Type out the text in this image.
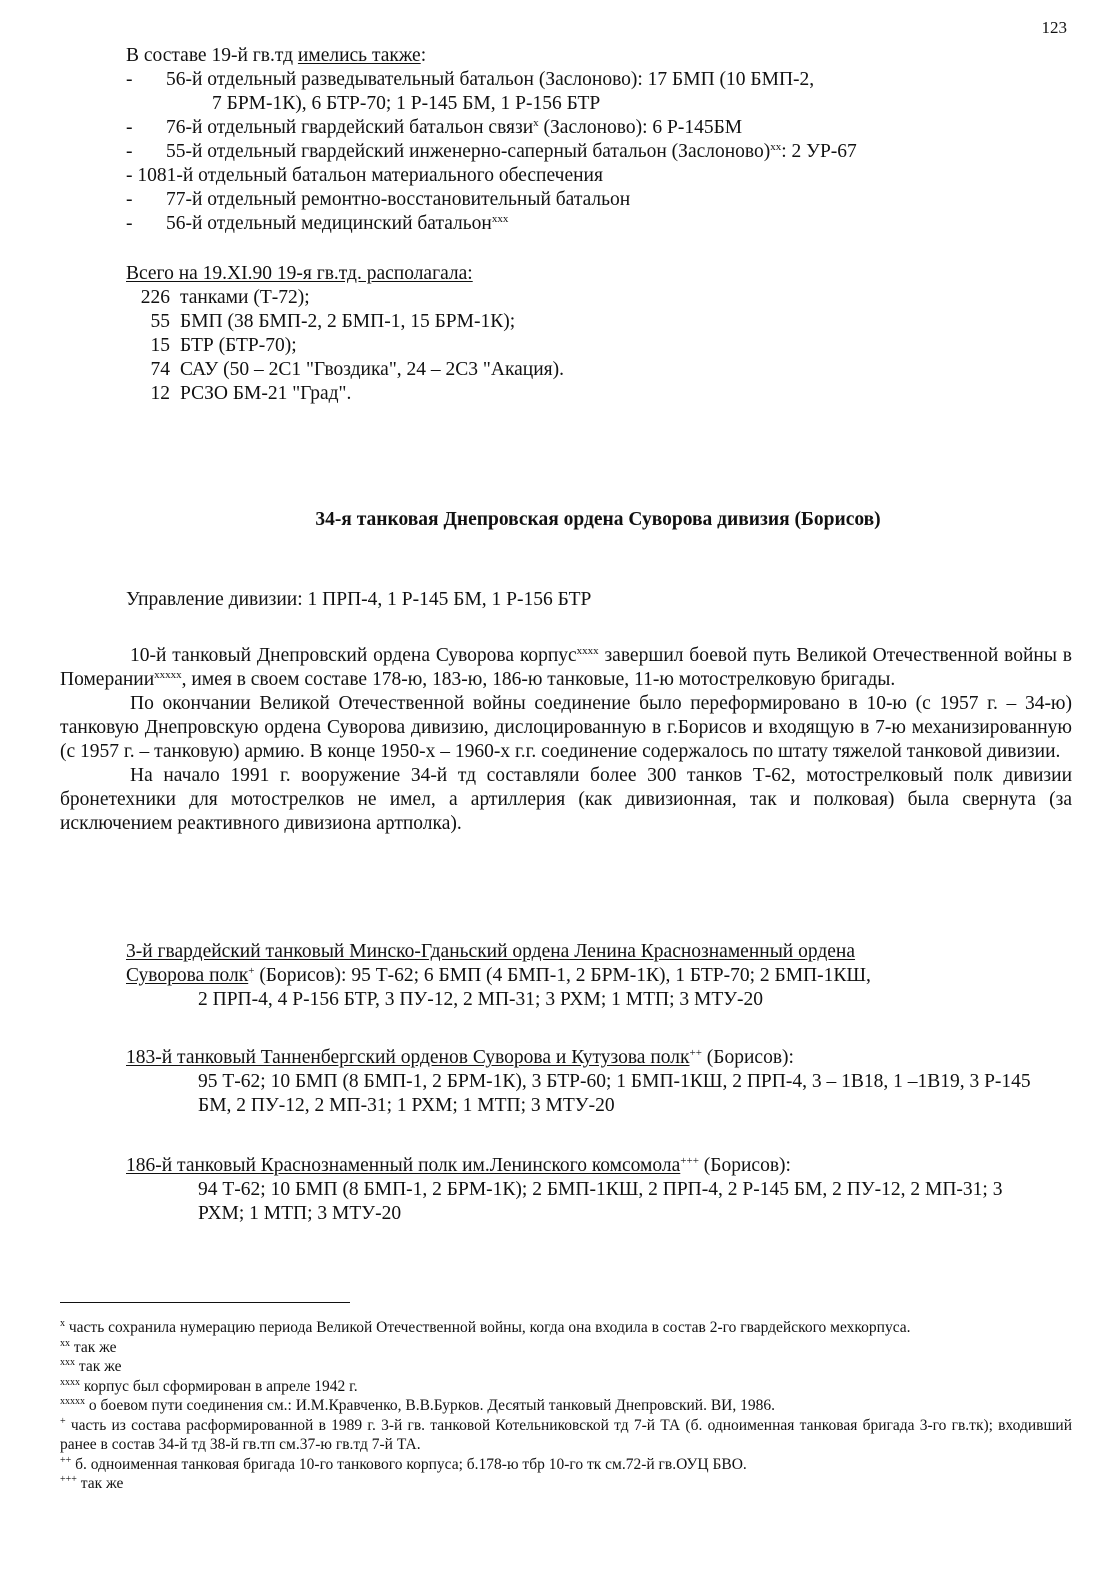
123

В составе 19-й гв.тд имелись также:

- 56-й отдельный разведывательный батальон (Заслоново): 17 БМП (10 БМП-2,
7 БРМ-1К), 6 БТР-70; 1 Р-145 БМ, 1 Р-156 БТР
- 76-й отдельный гвардейский батальон связи$^x$ (Заслоново): 6 Р-145БМ
- 55-й отдельный гвардейский инженерно-саперный батальон (Заслоново)$^{xx}$: 2 УР-67
- 1081-й отдельный батальон материального обеспечения
- 77-й отдельный ремонтно-восстановительный батальон
- 56-й отдельный медицинский батальон$^{xxx}$

Всего на 19.XI.90 19-я гв.тд. располагала:

226 танками (Т-72);
55 БМП (38 БМП-2, 2 БМП-1, 15 БРМ-1К);
15 БТР (БТР-70);
74 САУ (50 – 2С1 "Гвоздика", 24 – 2С3 "Акация).
12 РСЗО БМ-21 "Град".
34-я танковая Днепровская ордена Суворова дивизия (Борисов)
Управление дивизии: 1 ПРП-4, 1 Р-145 БМ, 1 Р-156 БТР

10-й танковый Днепровский ордена Суворова корпус$^{xxxx}$ завершил боевой путь Великой Отечественной войны в Померании$^{xxxxx}$, имея в своем составе 178-ю, 183-ю, 186-ю танковые, 11-ю мотострелковую бригады.

По окончании Великой Отечественной войны соединение было переформировано в 10-ю (с 1957 г. – 34-ю) танковую Днепровскую ордена Суворова дивизию, дислоцированную в г.Борисов и входящую в 7-ю механизированную (с 1957 г. – танковую) армию. В конце 1950-х – 1960-х г.г. соединение содержалось по штату тяжелой танковой дивизии.

На начало 1991 г. вооружение 34-й тд составляли более 300 танков Т-62, мотострелковый полк дивизии бронетехники для мотострелков не имел, а артиллерия (как дивизионная, так и полковая) была свернута (за исключением реактивного дивизиона артполка).

3-й гвардейский танковый Минско-Гданьский ордена Ленина Краснознаменный ордена

Суворова полк+ (Борисов): 95 Т-62; 6 БМП (4 БМП-1, 2 БРМ-1К), 1 БТР-70; 2 БМП-1КШ,

2 ПРП-4, 4 Р-156 БТР, 3 ПУ-12, 2 МП-31; 3 РХМ; 1 МТП; 3 МТУ-20

183-й танковый Танненбергский орденов Суворова и Кутузова полк++ (Борисов):

95 Т-62; 10 БМП (8 БМП-1, 2 БРМ-1К), 3 БТР-60; 1 БМП-1КШ, 2 ПРП-4, 3 – 1В18, 1 –1В19, 3 Р-145 БМ, 2 ПУ-12, 2 МП-31; 1 РХМ; 1 МТП; 3 МТУ-20

186-й танковый Краснознаменный полк им.Ленинского комсомола+++ (Борисов):

94 Т-62; 10 БМП (8 БМП-1, 2 БРМ-1К); 2 БМП-1КШ, 2 ПРП-4, 2 Р-145 БМ, 2 ПУ-12, 2 МП-31; 3 РХМ; 1 МТП; 3 МТУ-20

$^x$ часть сохранила нумерацию периода Великой Отечественной войны, когда она входила в состав 2-го гвардейского мехкорпуса.

$^{xx}$ так же

$^{xxx}$ так же

$^{xxxx}$ корпус был сформирован в апреле 1942 г.

$^{xxxxx}$ о боевом пути соединения см.: И.М.Кравченко, В.В.Бурков. Десятый танковый Днепровский. ВИ, 1986.

+ часть из состава расформированной в 1989 г. 3-й гв. танковой Котельниковской тд 7-й ТА (б. одноименная танковая бригада 3-го гв.тк); входивший ранее в состав 34-й тд 38-й гв.тп см.37-ю гв.тд 7-й ТА.

++ б. одноименная танковая бригада 10-го танкового корпуса; б.178-ю тбр 10-го тк см.72-й гв.ОУЦ БВО.

+++ так же
